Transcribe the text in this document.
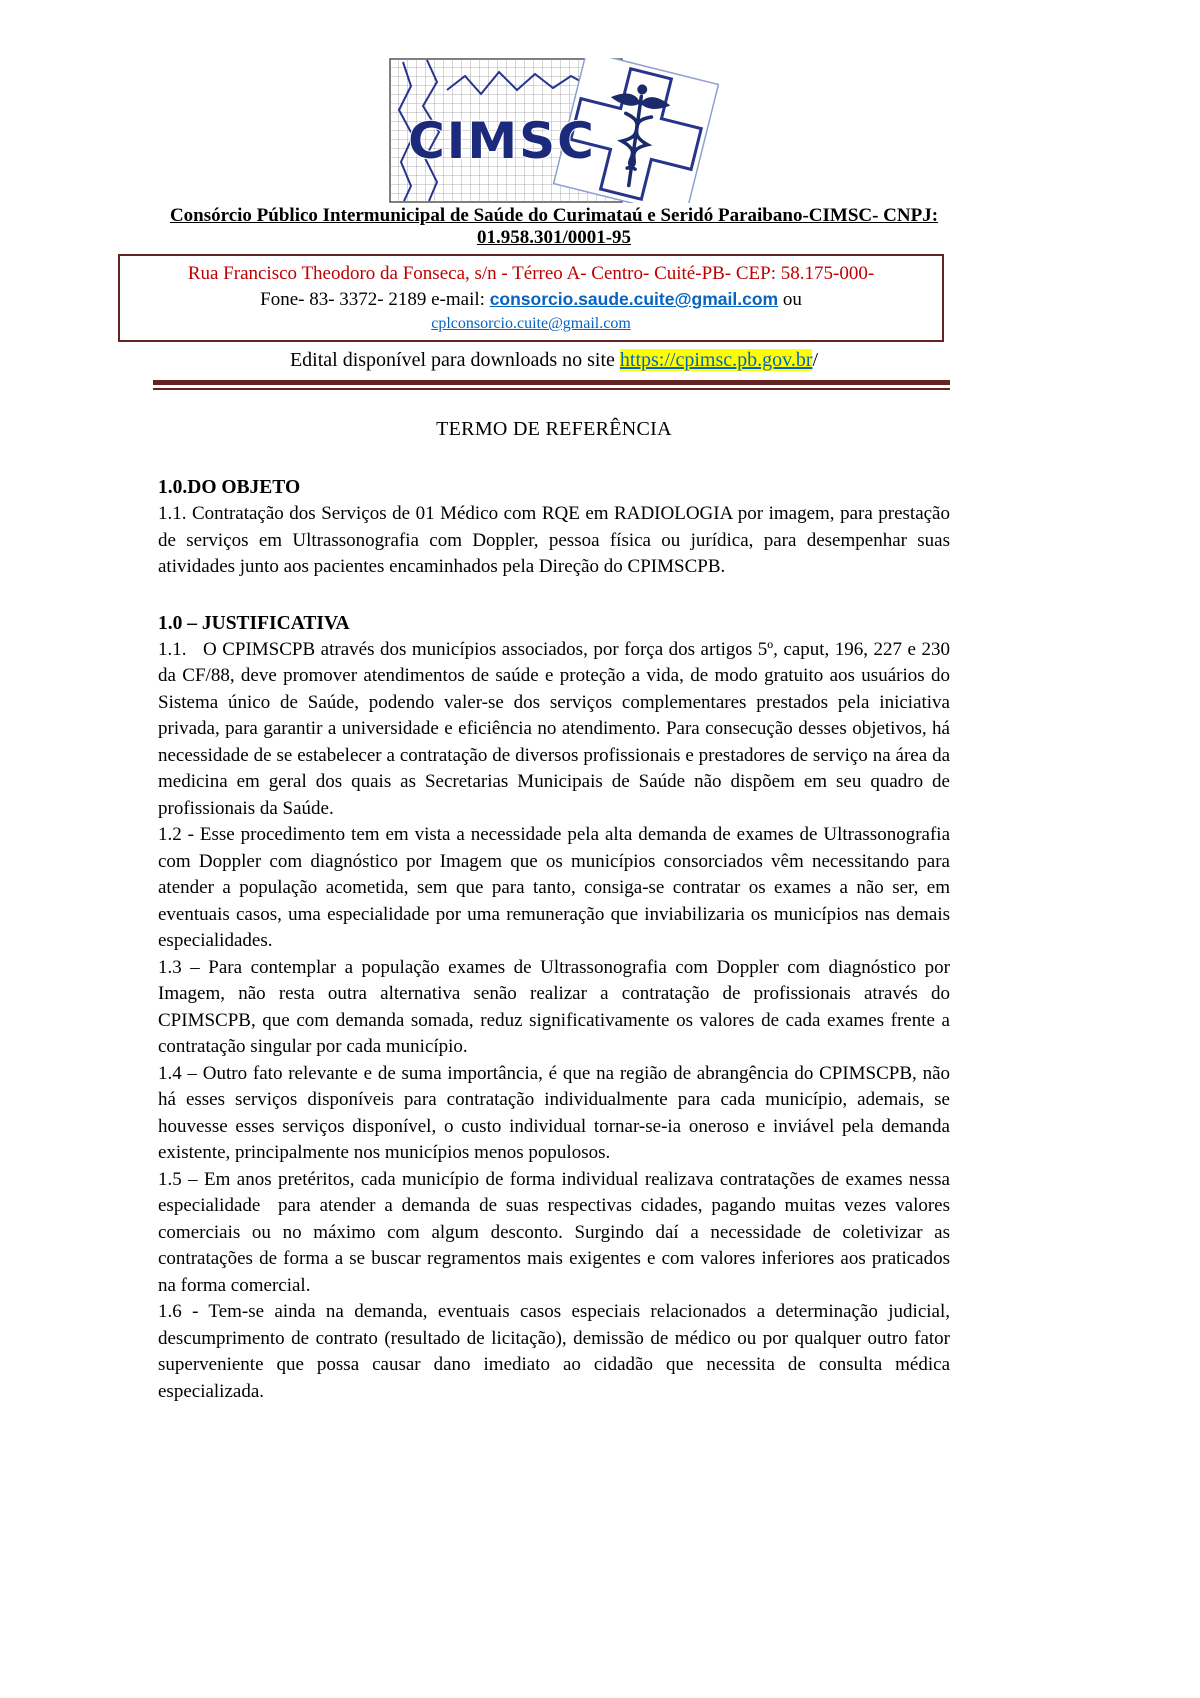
CIMSC
Consórcio Público Intermunicipal de Saúde do Curimataú e Seridó Paraibano-CIMSC- CNPJ:
01.958.301/0001-95
Rua Francisco Theodoro da Fonseca, s/n - Térreo A- Centro- Cuité-PB- CEP: 58.175-000-
Fone- 83- 3372- 2189 e-mail: consorcio.saude.cuite@gmail.com ou
cplconsorcio.cuite@gmail.com
Edital disponível para downloads no site https://cpimsc.pb.gov.br/
TERMO DE REFERÊNCIA
1.0.DO OBJETO

1.1. Contratação dos Serviços de 01 Médico com RQE em RADIOLOGIA por imagem, para prestação de serviços em Ultrassonografia com Doppler, pessoa física ou jurídica, para desempenhar suas atividades junto aos pacientes encaminhados pela Direção do CPIMSCPB.

1.0 – JUSTIFICATIVA

1.1.   O CPIMSCPB através dos municípios associados, por força dos artigos 5º, caput, 196, 227 e 230 da CF/88, deve promover atendimentos de saúde e proteção a vida, de modo gratuito aos usuários do Sistema único de Saúde, podendo valer-se dos serviços complementares prestados pela iniciativa privada, para garantir a universidade e eficiência no atendimento. Para consecução desses objetivos, há necessidade de se estabelecer a contratação de diversos profissionais e prestadores de serviço na área da medicina em geral dos quais as Secretarias Municipais de Saúde não dispõem em seu quadro de profissionais da Saúde.

1.2 - Esse procedimento tem em vista a necessidade pela alta demanda de exames de Ultrassonografia com Doppler com diagnóstico por Imagem que os municípios consorciados vêm necessitando para atender a população acometida, sem que para tanto, consiga-se contratar os exames a não ser, em eventuais casos, uma especialidade por uma remuneração que inviabilizaria os municípios nas demais especialidades.

1.3 – Para contemplar a população exames de Ultrassonografia com Doppler com diagnóstico por Imagem, não resta outra alternativa senão realizar a contratação de profissionais através do CPIMSCPB, que com demanda somada, reduz significativamente os valores de cada exames frente a contratação singular por cada município.

1.4 – Outro fato relevante e de suma importância, é que na região de abrangência do CPIMSCPB, não há esses serviços disponíveis para contratação individualmente para cada município, ademais, se houvesse esses serviços disponível, o custo individual tornar-se-ia oneroso e inviável pela demanda existente, principalmente nos municípios menos populosos.

1.5 – Em anos pretéritos, cada município de forma individual realizava contratações de exames nessa especialidade  para atender a demanda de suas respectivas cidades, pagando muitas vezes valores comerciais ou no máximo com algum desconto. Surgindo daí a necessidade de coletivizar as contratações de forma a se buscar regramentos mais exigentes e com valores inferiores aos praticados na forma comercial.

1.6 - Tem-se ainda na demanda, eventuais casos especiais relacionados a determinação judicial, descumprimento de contrato (resultado de licitação), demissão de médico ou por qualquer outro fator superveniente que possa causar dano imediato ao cidadão que necessita de consulta médica especializada.
